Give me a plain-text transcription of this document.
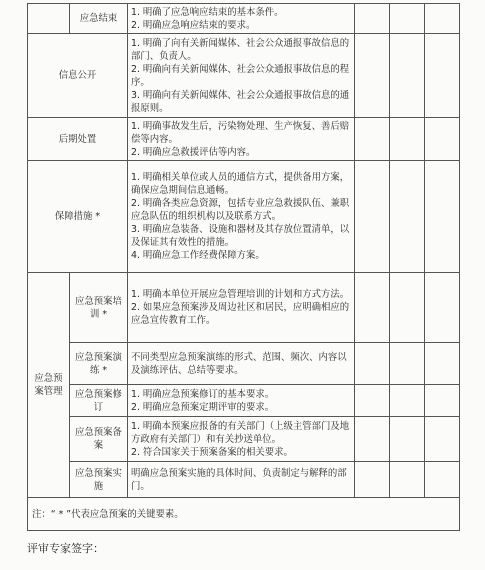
	应急结束	1. 明确了应急响应结束的基本条件。
2. 明确应急响应结束的要求。			

信息公开		1. 明确了向有关新闻媒体、社会公众通报事故信息的部门、负责人。
2. 明确向有关新闻媒体、社会公众通报事故信息的程序。
3. 明确向有关新闻媒体、社会公众通报事故信息的通报原则。			

后期处置		1. 明确事故发生后，污染物处理、生产恢复、善后赔偿等内容。
2. 明确应急救援评估等内容。			

保障措施 *		1. 明确相关单位或人员的通信方式，提供备用方案，确保应急期间信息通畅。
2. 明确各类应急资源，包括专业应急救援队伍、兼职应急队伍的组织机构以及联系方式。
3. 明确应急装备、设施和器材及其存放位置清单，以及保证其有效性的措施。
4. 明确应急工作经费保障方案。			

应急预案管理	应急预案培训 *	1. 明确本单位开展应急管理培训的计划和方式方法。
2. 如果应急预案涉及周边社区和居民，应明确相应的应急宣传教育工作。			

	应急预案演练 *	不同类型应急预案演练的形式、范围、频次、内容以及演练评估、总结等要求。			

	应急预案修订	1. 明确应急预案修订的基本要求。
2. 明确应急预案定期评审的要求。			

	应急预案备案	1. 明确本预案应报备的有关部门（上级主管部门及地方政府有关部门）和有关抄送单位。
2. 符合国家关于预案备案的相关要求。			

	应急预案实施	明确应急预案实施的具体时间、负责制定与解释的部门。			

注：“ * ”代表应急预案的关键要素。					
评审专家签字：
